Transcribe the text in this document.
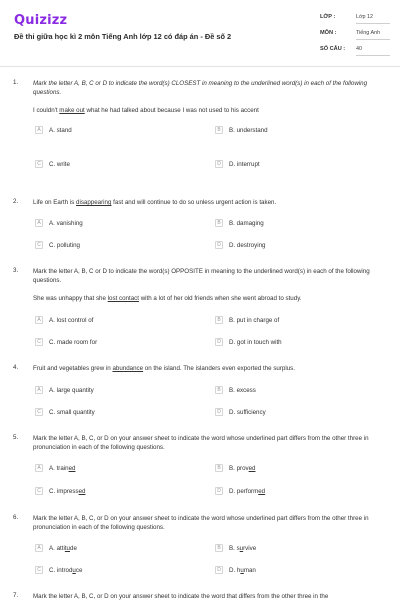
Quizizz
Đề thi giữa học kì 2 môn Tiếng Anh lớp 12 có đáp án - Đề số 2
LỚP :	Lớp 12
MÔN :	Tiếng Anh
SỐ CÂU :	40
1. Mark the letter A, B, C or D to indicate the word(s) CLOSEST in meaning to the underlined word(s) in each of the following questions.
I couldn't make out what he had talked about because I was not used to his accent
A	A. stand	B	B. understand
C	C. write	D	D. interrupt
2. Life on Earth is disappearing fast and will continue to do so unless urgent action is taken.
A	A. vanishing	B	B. damaging
C	C. polluting	D	D. destroying
3. Mark the letter A, B, C or D to indicate the word(s) OPPOSITE in meaning to the underlined word(s) in each of the following questions.
She was unhappy that she lost contact with a lot of her old friends when she went abroad to study.
A	A. lost control of	B	B. put in charge of
C	C. made room for	D	D. got in touch with
4. Fruit and vegetables grew in abundance on the island. The islanders even exported the surplus.
A	A. large quantity	B	B. excess
C	C. small quantity	D	D. sufficiency
5. Mark the letter A, B, C, or D on your answer sheet to indicate the word whose underlined part differs from the other three in pronunciation in each of the following questions.
A	A. trained	B	B. proved
C	C. impressed	D	D. performed
6. Mark the letter A, B, C, or D on your answer sheet to indicate the word whose underlined part differs from the other three in pronunciation in each of the following questions.
A	A. attitude	B	B. survive
C	C. introduce	D	D. human
7. Mark the letter A, B, C, or D on your answer sheet to indicate the word that differs from the other three in the
